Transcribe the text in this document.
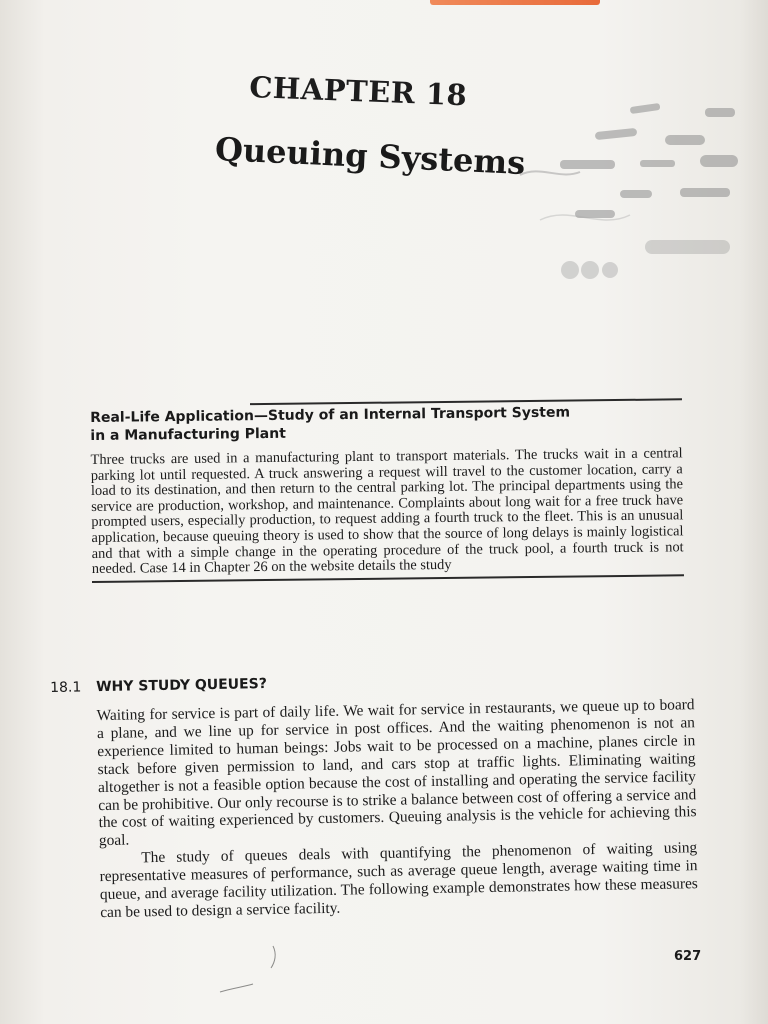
CHAPTER 18
Queuing Systems
Real-Life Application—Study of an Internal Transport System
in a Manufacturing Plant
Three trucks are used in a manufacturing plant to transport materials. The trucks wait in a central parking lot until requested. A truck answering a request will travel to the customer location, carry a load to its destination, and then return to the central parking lot. The principal departments using the service are production, workshop, and maintenance. Complaints about long wait for a free truck have prompted users, especially production, to request adding a fourth truck to the fleet. This is an unusual application, because queuing theory is used to show that the source of long delays is mainly logistical and that with a simple change in the operating procedure of the truck pool, a fourth truck is not needed. Case 14 in Chapter 26 on the website details the study
18.1 WHY STUDY QUEUES?

Waiting for service is part of daily life. We wait for service in restaurants, we queue up to board a plane, and we line up for service in post offices. And the waiting phenomenon is not an experience limited to human beings: Jobs wait to be processed on a machine, planes circle in stack before given permission to land, and cars stop at traffic lights. Eliminating waiting altogether is not a feasible option because the cost of installing and operating the service facility can be prohibitive. Our only recourse is to strike a balance between cost of offering a service and the cost of waiting experienced by customers. Queuing analysis is the vehicle for achieving this goal. The study of queues deals with quantifying the phenomenon of waiting using representative measures of performance, such as average queue length, average waiting time in queue, and average facility utilization. The following example demonstrates how these measures can be used to design a service facility.

627
